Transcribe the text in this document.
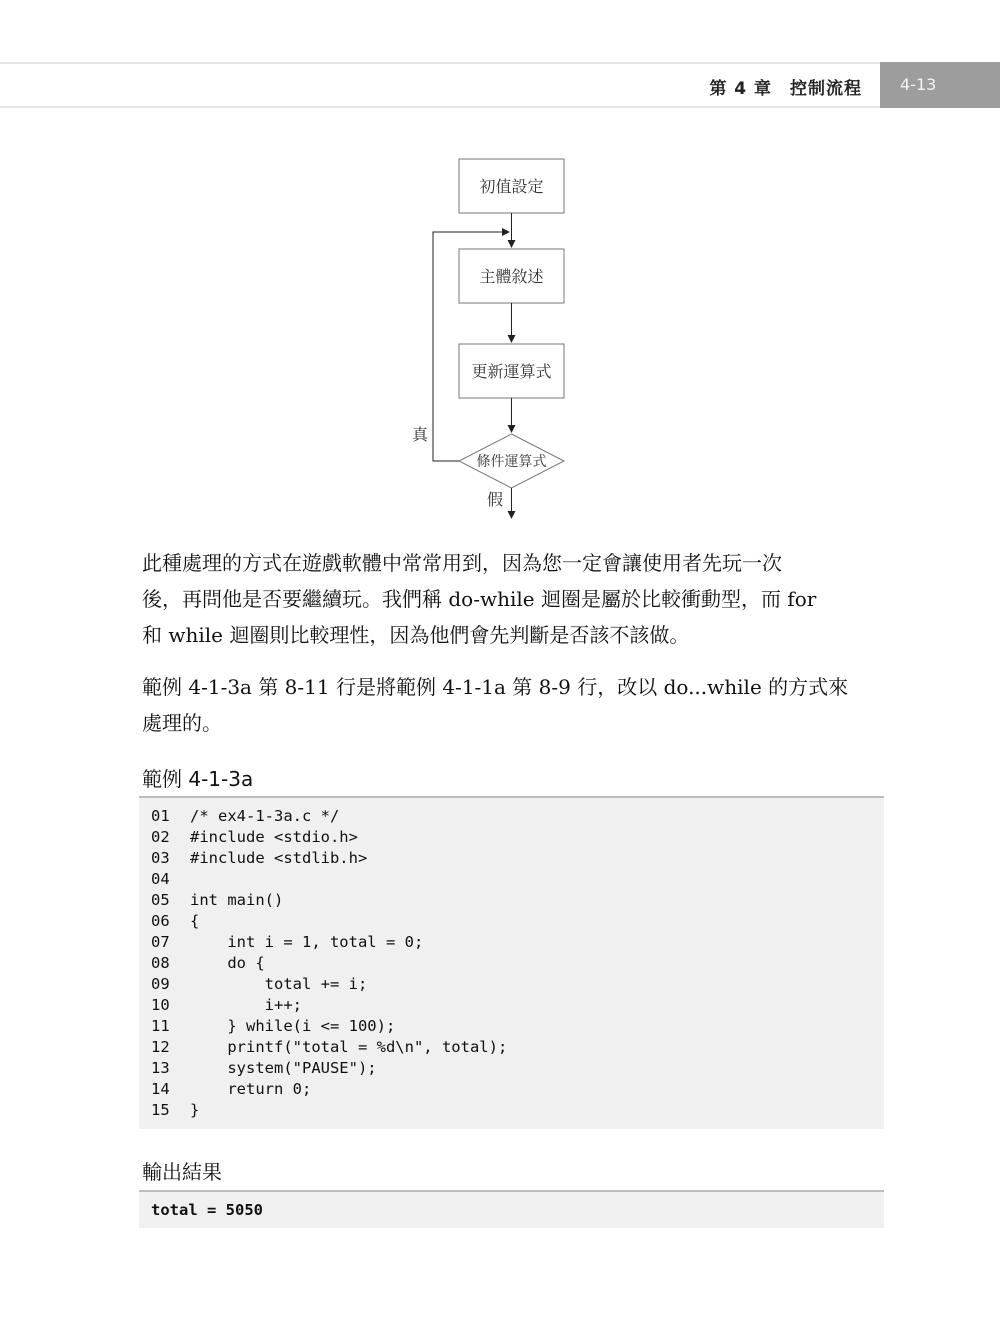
第 4 章　控制流程	4-13
初值設定
主體敘述
更新運算式
條件運算式
真
假
此種處理的方式在遊戲軟體中常常用到，因為您一定會讓使用者先玩一次
後，再問他是否要繼續玩。我們稱 do-while 迴圈是屬於比較衝動型，而 for
和 while 迴圈則比較理性，因為他們會先判斷是否該不該做。
範例 4-1-3a 第 8-11 行是將範例 4-1-1a 第 8-9 行，改以 do...while 的方式來
處理的。
範例 4-1-3a
01 /* ex4-1-3a.c */
02 #include <stdio.h>
03 #include <stdlib.h>
04
05 int main()
06 {
07    int i = 1, total = 0;
08    do {
09        total += i;
10        i++;
11    } while(i <= 100);
12    printf("total = %d\n", total);
13    system("PAUSE");
14    return 0;
15 }
輸出結果
total = 5050
